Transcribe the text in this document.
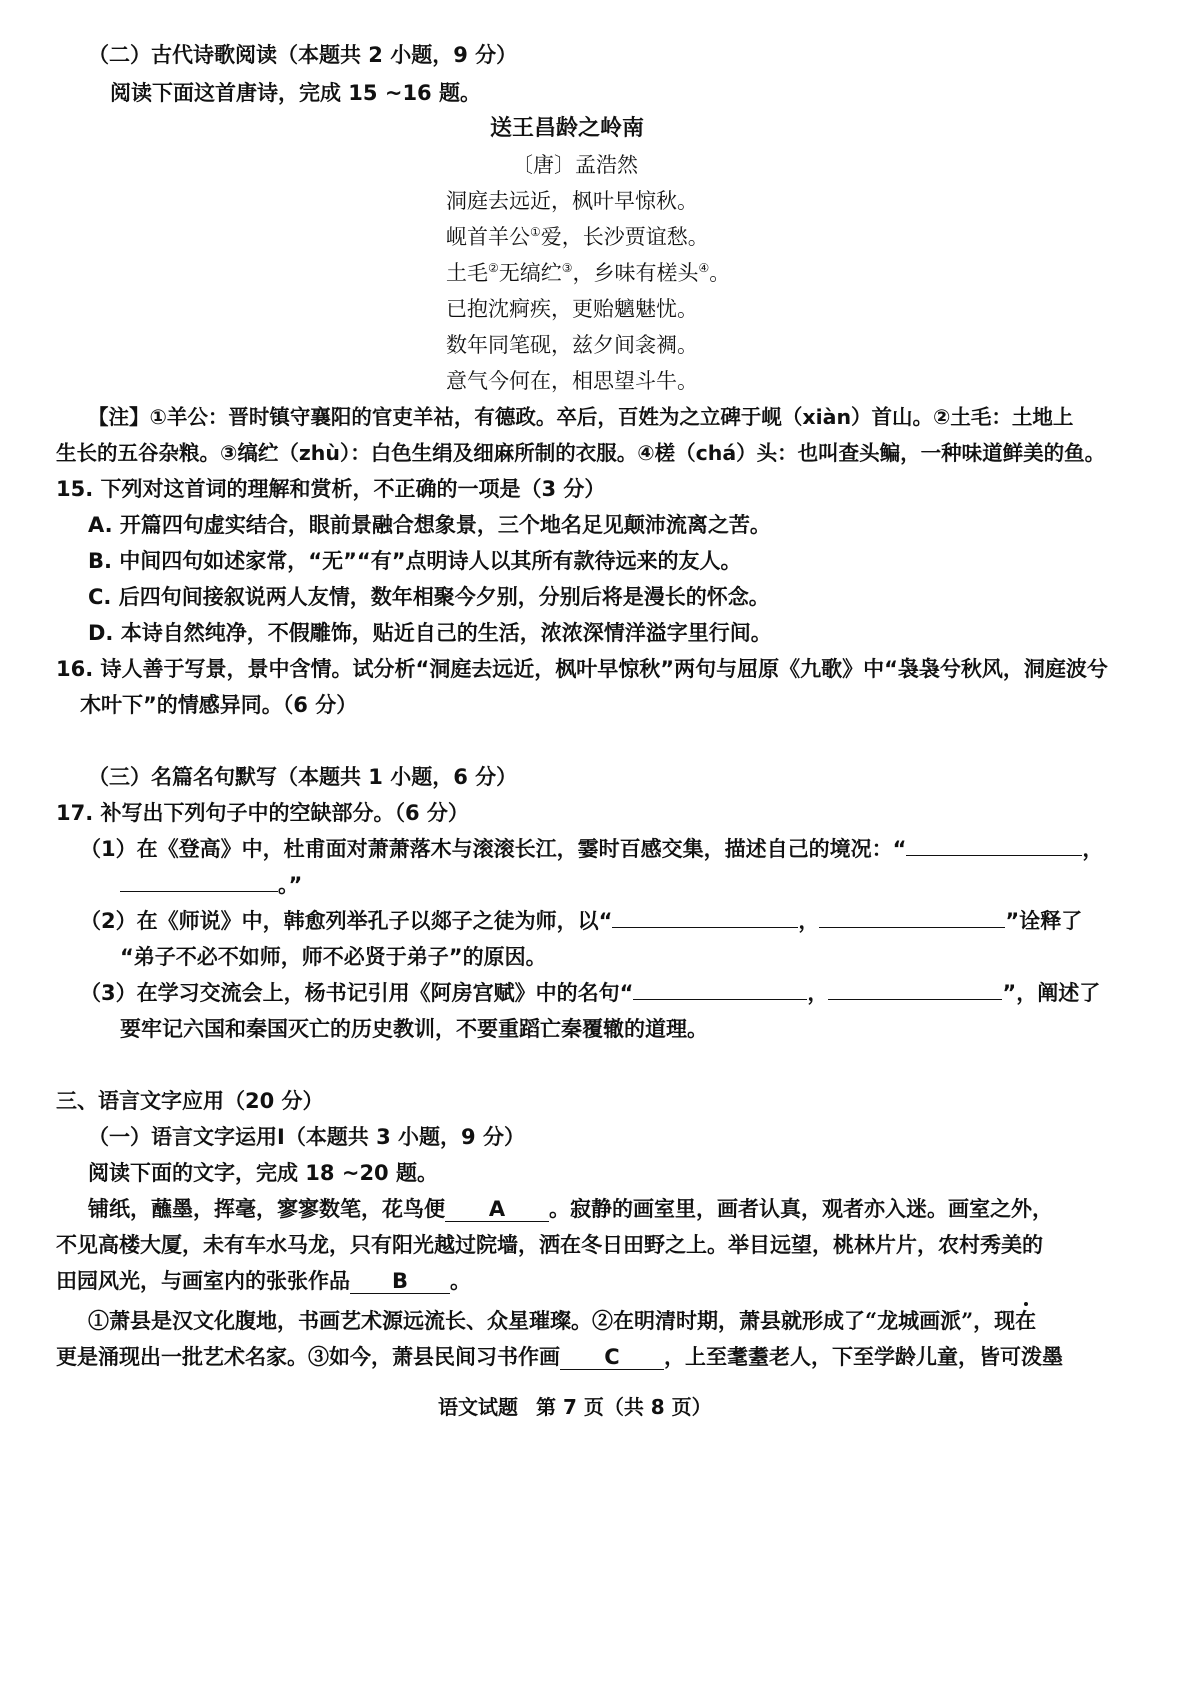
（二）古代诗歌阅读（本题共 2 小题，9 分）
阅读下面这首唐诗，完成 15 ~16 题。
送王昌龄之岭南
〔唐〕孟浩然
洞庭去远近，枫叶早惊秋。
岘首羊公①爱，长沙贾谊愁。
土毛②无缟纻③，乡味有槎头④。
已抱沈痾疾，更贻魑魅忧。
数年同笔砚，兹夕间衾裯。
意气今何在，相思望斗牛。
【注】①羊公：晋时镇守襄阳的官吏羊祜，有德政。卒后，百姓为之立碑于岘（xiàn）首山。②土毛：土地上
生长的五谷杂粮。③缟纻（zhù）：白色生绢及细麻所制的衣服。④槎（chá）头：也叫查头鳊，一种味道鲜美的鱼。
15. 下列对这首词的理解和赏析，不正确的一项是（3 分）
A. 开篇四句虚实结合，眼前景融合想象景，三个地名足见颠沛流离之苦。
B. 中间四句如述家常，“无”“有”点明诗人以其所有款待远来的友人。
C. 后四句间接叙说两人友情，数年相聚今夕别，分别后将是漫长的怀念。
D. 本诗自然纯净，不假雕饰，贴近自己的生活，浓浓深情洋溢字里行间。
16. 诗人善于写景，景中含情。试分析“洞庭去远近，枫叶早惊秋”两句与屈原《九歌》中“袅袅兮秋风，洞庭波兮
木叶下”的情感异同。（6 分）
（三）名篇名句默写（本题共 1 小题，6 分）
17. 补写出下列句子中的空缺部分。（6 分）
（1）在《登高》中，杜甫面对萧萧落木与滚滚长江，霎时百感交集，描述自己的境况：“	，
。”
（2）在《师说》中，韩愈列举孔子以郯子之徒为师，以“	，	”诠释了
“弟子不必不如师，师不必贤于弟子”的原因。
（3）在学习交流会上，杨书记引用《阿房宫赋》中的名句“	，	”，阐述了
要牢记六国和秦国灭亡的历史教训，不要重蹈亡秦覆辙的道理。
三、语言文字应用（20 分）
（一）语言文字运用Ⅰ（本题共 3 小题，9 分）
阅读下面的文字，完成 18 ~20 题。
铺纸，蘸墨，挥毫，寥寥数笔，花鸟便 A 。寂静的画室里，画者认真，观者亦入迷。画室之外，
不见高楼大厦，未有车水马龙，只有阳光越过院墙，洒在冬日田野之上。举目远望，桃林片片，农村秀美的
田园风光，与画室内的张张作品 B 。
①萧县是汉文化腹地，书画艺术源远流长、众星璀璨。②在明清时期，萧县就形成了“龙城画派”，现在
更是涌现出一批艺术名家。③如今，萧县民间习书作画 C ，上至耄耋老人，下至学龄儿童，皆可泼墨
语文试题 第 7 页（共 8 页）
